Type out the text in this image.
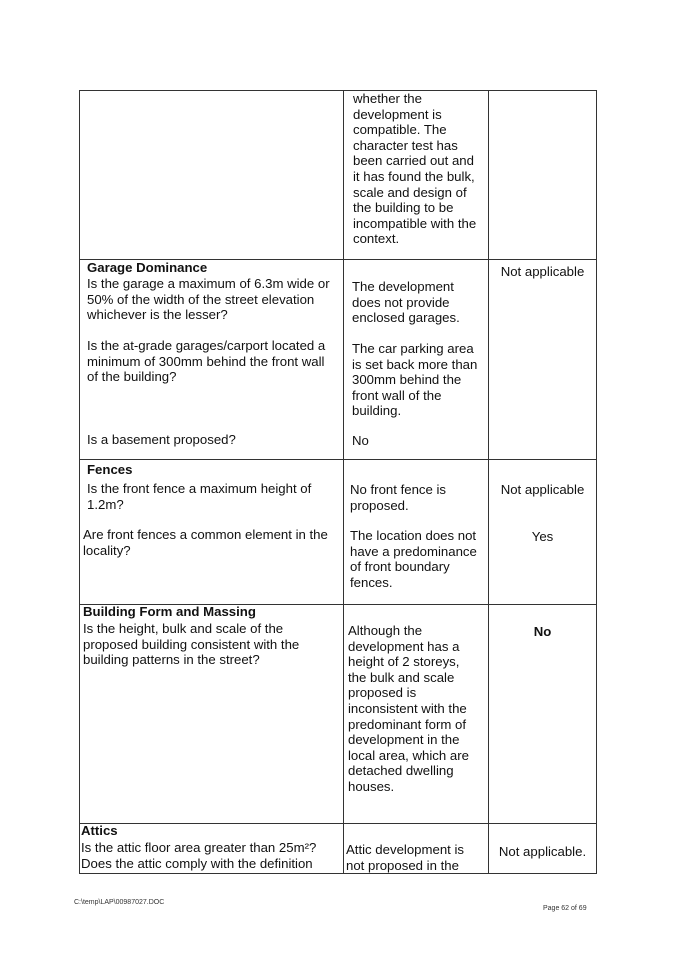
whether the
development is
compatible. The
character test has
been carried out and
it has found the bulk,
scale and design of
the building to be
incompatible with the
context.
Garage Dominance
Is the garage a maximum of 6.3m wide or
50% of the width of the street elevation
whichever is the lesser?
The development
does not provide
enclosed garages.
Is the at-grade garages/carport located a
minimum of 300mm behind the front wall
of the building?
The car parking area
is set back more than
300mm behind the
front wall of the
building.
Is a basement proposed?	No
Not applicable
Fences
Is the front fence a maximum height of
1.2m?
No front fence is
proposed.
Not applicable
Are front fences a common element in the
locality?
The location does not
have a predominance
of front boundary
fences.
Yes
Building Form and Massing
Is the height, bulk and scale of the
proposed building consistent with the
building patterns in the street?
Although the
development has a
height of 2 storeys,
the bulk and scale
proposed is
inconsistent with the
predominant form of
development in the
local area, which are
detached dwelling
houses.
No
Attics
Is the attic floor area greater than 25m²?
Does the attic comply with the definition
Attic development is
not proposed in the
Not applicable.
C:\temp\LAP\00987027.DOC
Page 62 of 69
